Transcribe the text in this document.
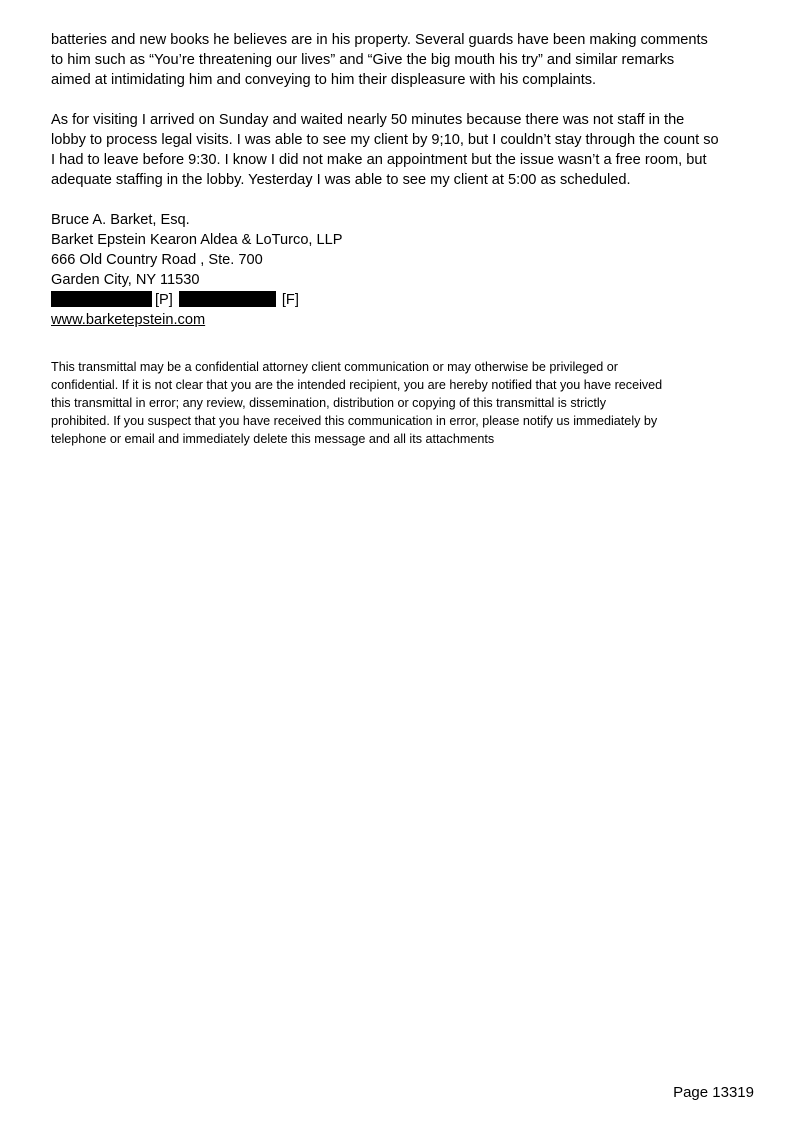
batteries and new books he believes are in his property. Several guards have been making comments
to him such as “You’re threatening our lives” and “Give the big mouth his try” and similar remarks
aimed at intimidating him and conveying to him their displeasure with his complaints.

As for visiting I arrived on Sunday and waited nearly 50 minutes because there was not staff in the
lobby to process legal visits. I was able to see my client by 9;10, but I couldn’t stay through the count so
I had to leave before 9:30. I know I did not make an appointment but the issue wasn’t a free room, but
adequate staffing in the lobby. Yesterday I was able to see my client at 5:00 as scheduled.

Bruce A. Barket, Esq.
Barket Epstein Kearon Aldea & LoTurco, LLP
666 Old Country Road , Ste. 700
Garden City, NY 11530
[P]	[F]
www.barketepstein.com

This transmittal may be a confidential attorney client communication or may otherwise be privileged or
confidential. If it is not clear that you are the intended recipient, you are hereby notified that you have received
this transmittal in error; any review, dissemination, distribution or copying of this transmittal is strictly
prohibited. If you suspect that you have received this communication in error, please notify us immediately by
telephone or email and immediately delete this message and all its attachments

Page 13319
